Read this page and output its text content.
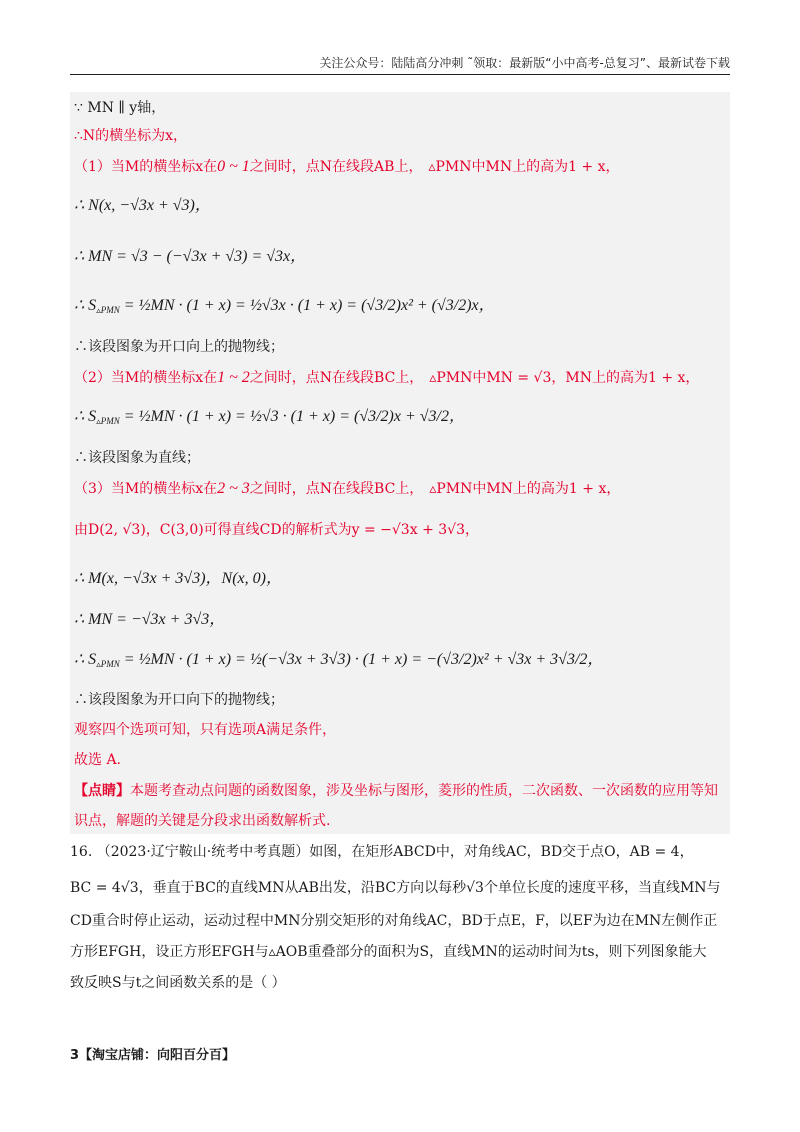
关注公众号：陆陆高分冲刺 ˜领取：最新版“小中高考-总复习”、最新试卷下载
∵ MN ∥ y轴，
∴N的横坐标为x，
（1）当M的横坐标x在0 ~ 1之间时，点N在线段AB上， ▵PMN中MN上的高为1 + x，
∴ N(x, −√3x + √3)，
∴ MN = √3 − (−√3x + √3) = √3x，
∴ $S_{▵PMN}$ = ½MN · (1 + x) = ½√3x · (1 + x) = (√3/2)x² + (√3/2)x，
∴该段图象为开口向上的抛物线；
（2）当M的横坐标x在1 ~ 2之间时，点N在线段BC上， ▵PMN中MN = √3，MN上的高为1 + x，
∴ $S_{▵PMN}$ = ½MN · (1 + x) = ½√3 · (1 + x) = (√3/2)x + √3/2，
∴该段图象为直线；
（3）当M的横坐标x在2 ~ 3之间时，点N在线段BC上， ▵PMN中MN上的高为1 + x，
由D(2, √3)，C(3,0)可得直线CD的解析式为y = −√3x + 3√3，
∴ M(x, −√3x + 3√3)，N(x, 0)，
∴ MN = −√3x + 3√3，
∴ $S_{▵PMN}$ = ½MN · (1 + x) = ½(−√3x + 3√3) · (1 + x) = −(√3/2)x² + √3x + 3√3/2，
∴该段图象为开口向下的抛物线；
观察四个选项可知，只有选项A满足条件，
故选 A.
【点睛】本题考查动点问题的函数图象，涉及坐标与图形，菱形的性质，二次函数、一次函数的应用等知
识点，解题的关键是分段求出函数解析式.
16. （2023·辽宁鞍山·统考中考真题）如图，在矩形ABCD中，对角线AC，BD交于点O，AB = 4，
BC = 4√3，垂直于BC的直线MN从AB出发，沿BC方向以每秒√3个单位长度的速度平移，当直线MN与
CD重合时停止运动，运动过程中MN分别交矩形的对角线AC，BD于点E，F，以EF为边在MN左侧作正
方形EFGH，设正方形EFGH与▵AOB重叠部分的面积为S，直线MN的运动时间为ts，则下列图象能大
致反映S与t之间函数关系的是（ ）
3【淘宝店铺：向阳百分百】
